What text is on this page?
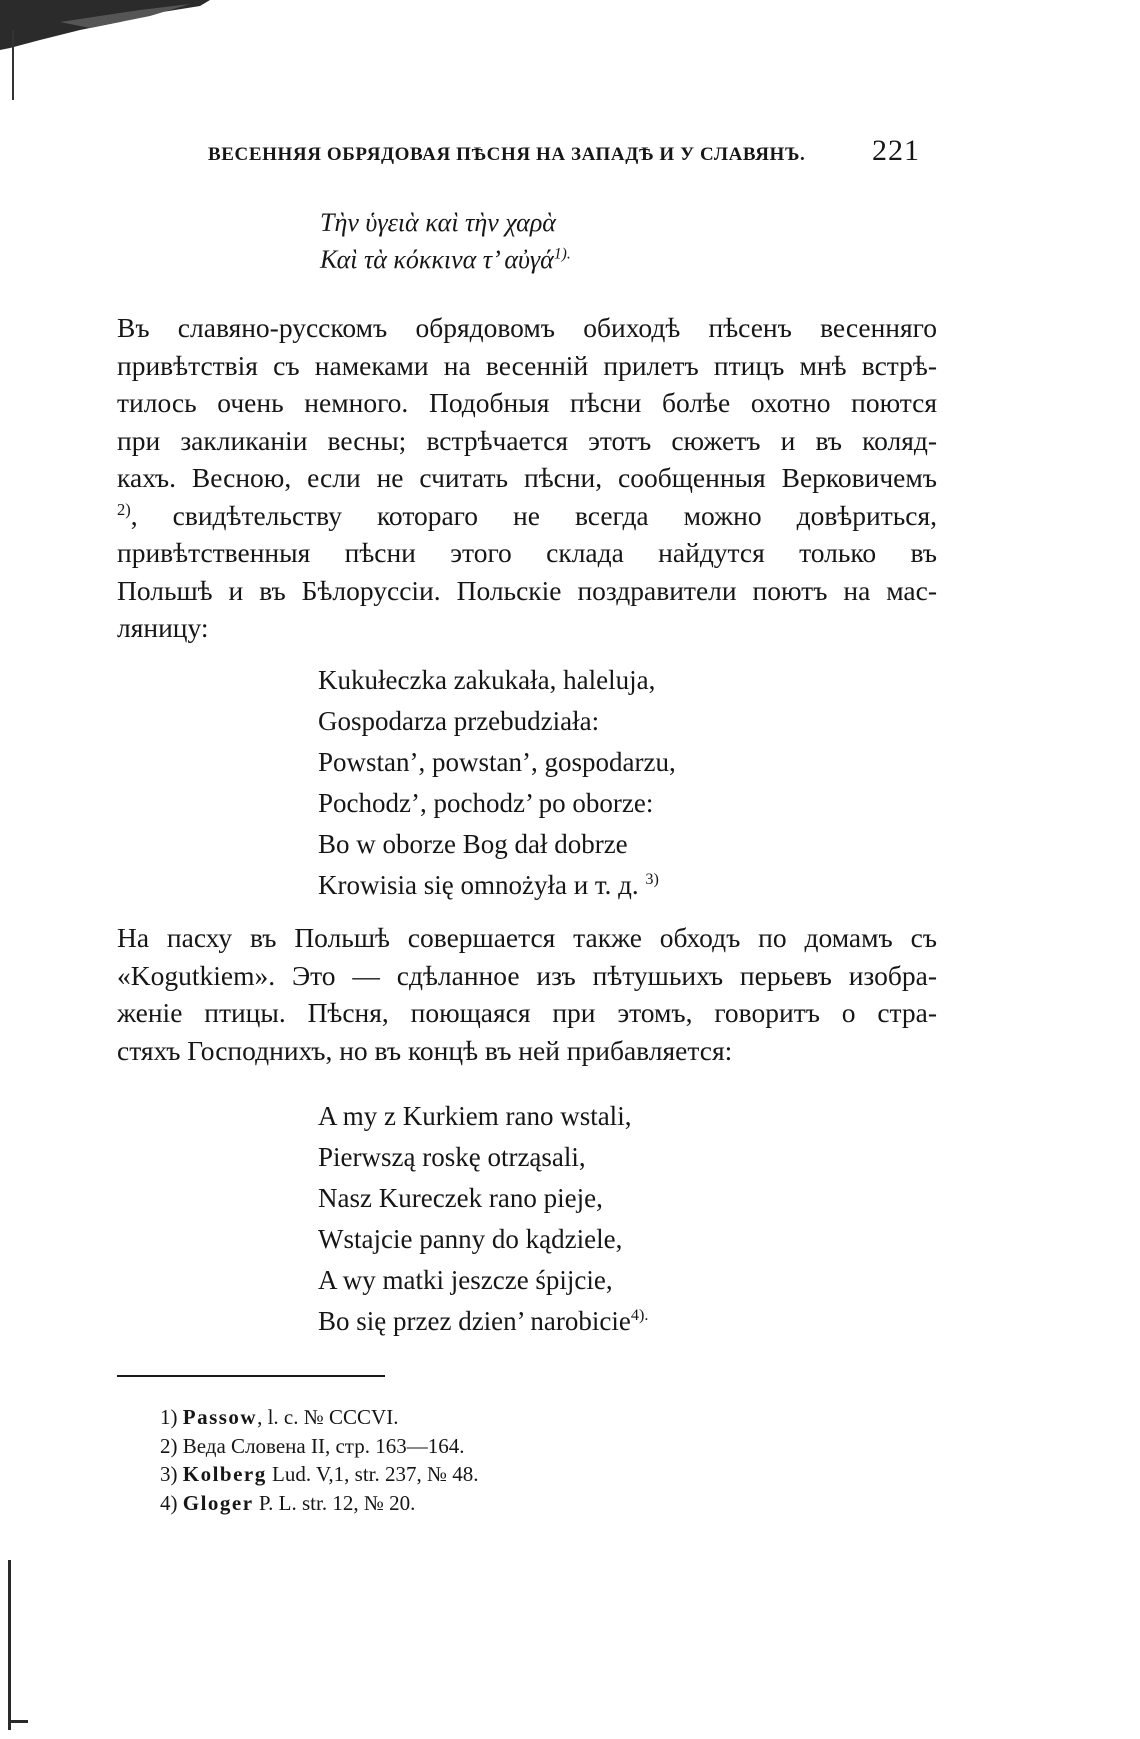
ВЕСЕННЯЯ ОБРЯДОВАЯ ПѢСНЯ НА ЗАПАДѢ И У СЛАВЯНЪ. 221
Τὴν ὑγειὰ καὶ τὴν χαρὰ
Καὶ τὰ κόκκινα τ’ αὐγά$^{1).}$
Въ славяно-русскомъ обрядовомъ обиходѣ пѣсенъ весенняго
привѣтствія съ намеками на весенній прилетъ птицъ мнѣ встрѣ-
тилось очень немного. Подобныя пѣсни болѣе охотно поются
при закликаніи весны; встрѣчается этотъ сюжетъ и въ коляд-
кахъ. Весною, если не считать пѣсни, сообщенныя Верковичемъ
$^{2)}$, свидѣтельству котораго не всегда можно довѣриться,
привѣтственныя пѣсни этого склада найдутся только въ
Польшѣ и въ Бѣлоруссіи. Польскіе поздравители поютъ на мас-
ляницу:
Kukułeczka zakukała, haleluja,
Gospodarza przebudziała:
Powstan’, powstan’, gospodarzu,
Pochodz’, pochodz’ po oborze:
Bo w oborze Bog dał dobrze
Krowisia się omnożyła и т. д. $^{3)}$
На пасху въ Польшѣ совершается также обходъ по домамъ съ
«Kogutkiem». Это — сдѣланное изъ пѣтушьихъ перьевъ изобра-
женіе птицы. Пѣсня, поющаяся при этомъ, говоритъ о стра-
стяхъ Господнихъ, но въ концѣ въ ней прибавляется:
A my z Kurkiem rano wstali,
Pierwszą roskę otrząsali,
Nasz Kureczek rano pieje,
Wstajcie panny do kądziele,
A wy matki jeszcze śpijcie,
Bo się przez dzien’ narobicie$^{4).}$
1) Passow, l. c. № CCCVI.
2) Веда Словена II, стр. 163—164.
3) Kolberg Lud. V,1, str. 237, № 48.
4) Gloger P. L. str. 12, № 20.
